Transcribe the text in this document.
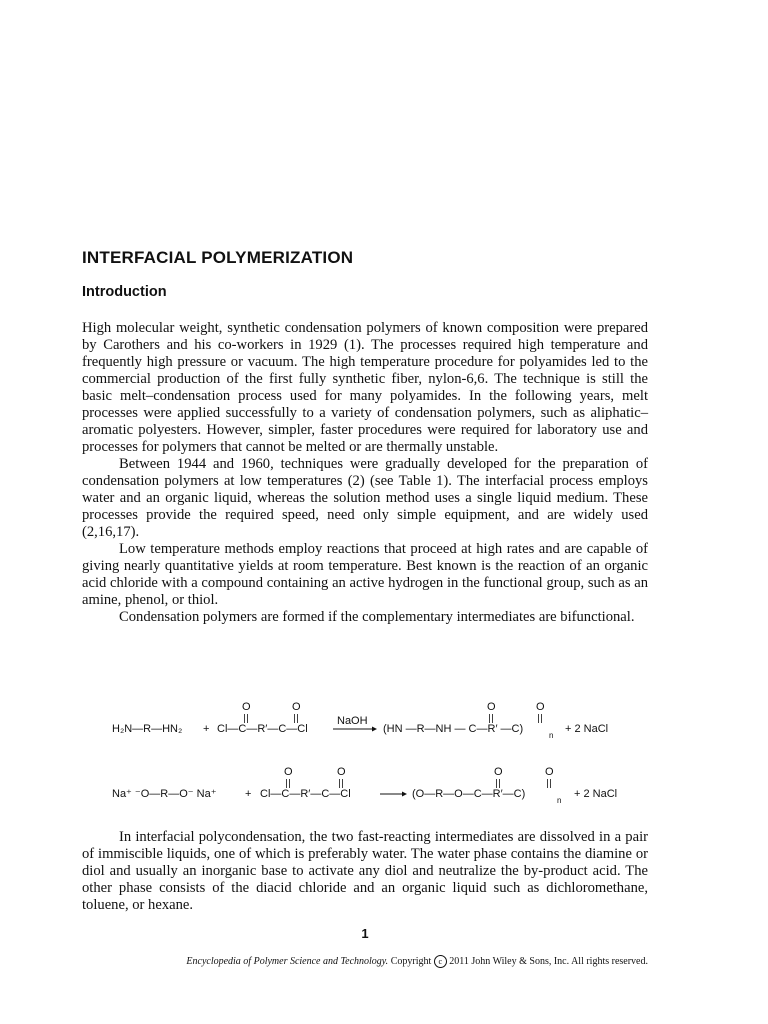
INTERFACIAL POLYMERIZATION
Introduction

High molecular weight, synthetic condensation polymers of known composition were prepared by Carothers and his co-workers in 1929 (1). The processes required high temperature and frequently high pressure or vacuum. The high temperature procedure for polyamides led to the commercial production of the first fully synthetic fiber, nylon-6,6. The technique is still the basic melt–condensation process used for many polyamides. In the following years, melt processes were applied successfully to a variety of condensation polymers, such as aliphatic–aromatic polyesters. However, simpler, faster procedures were required for laboratory use and processes for polymers that cannot be melted or are thermally unstable.

Between 1944 and 1960, techniques were gradually developed for the preparation of condensation polymers at low temperatures (2) (see Table 1). The interfacial process employs water and an organic liquid, whereas the solution method uses a single liquid medium. These processes provide the required speed, need only simple equipment, and are widely used (2,16,17).

Low temperature methods employ reactions that proceed at high rates and are capable of giving nearly quantitative yields at room temperature. Best known is the reaction of an organic acid chloride with a compound containing an active hydrogen in the functional group, such as an amine, phenol, or thiol.

Condensation polymers are formed if the complementary intermediates are bifunctional.

O	O	O	O
H₂N—R—HN₂ + Cl—C—R′—C—Cl
NaOH
(HN —R—NH — C—R′ —C)
n
+ 2 NaCl
O	O	O	O
Na⁺ ⁻O—R—O⁻ Na⁺	+ Cl—C—R′—C—Cl	(O—R—O—C—R′—C)
n
+ 2 NaCl

In interfacial polycondensation, the two fast-reacting intermediates are dissolved in a pair of immiscible liquids, one of which is preferably water. The water phase contains the diamine or diol and usually an inorganic base to activate any diol and neutralize the by-product acid. The other phase consists of the diacid chloride and an organic liquid such as dichloromethane, toluene, or hexane.

1
Encyclopedia of Polymer Science and Technology. Copyright c 2011 John Wiley & Sons, Inc. All rights reserved.
